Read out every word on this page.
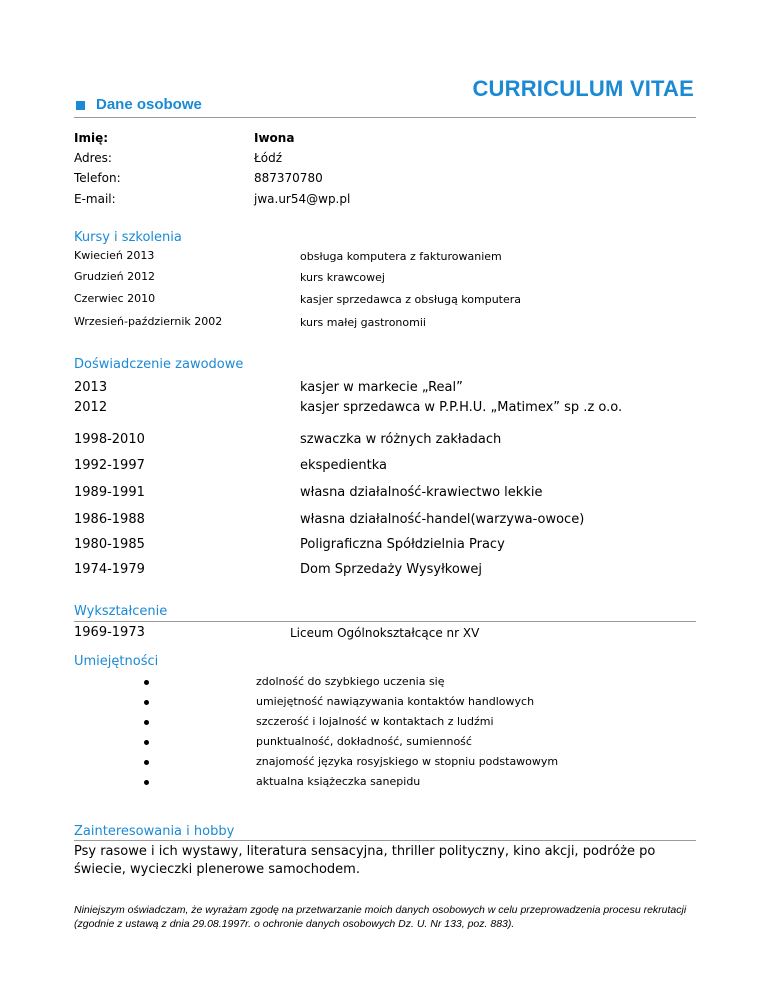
CURRICULUM VITAE
Dane osobowe
Imię:	Iwona
Adres:	Łódź
Telefon:	887370780
E-mail:	jwa.ur54@wp.pl
Kursy i szkolenia
Kwiecień 2013	obsługa komputera z fakturowaniem
Grudzień 2012	kurs krawcowej
Czerwiec 2010	kasjer sprzedawca z obsługą komputera
Wrzesień-październik 2002	kurs małej gastronomii
Doświadczenie zawodowe
2013	kasjer w markecie „Real”
2012	kasjer sprzedawca w P.P.H.U. „Matimex” sp .z o.o.
1998-2010	szwaczka w różnych zakładach
1992-1997	ekspedientka
1989-1991	własna działalność-krawiectwo lekkie
1986-1988	własna działalność-handel(warzywa-owoce)
1980-1985	Poligraficzna Spółdzielnia Pracy
1974-1979	Dom Sprzedaży Wysyłkowej
Wykształcenie
1969-1973	Liceum Ogólnokształcące nr XV
Umiejętności
zdolność do szybkiego uczenia się
umiejętność nawiązywania kontaktów handlowych
szczerość i lojalność w kontaktach z ludźmi
punktualność, dokładność, sumienność
znajomość języka rosyjskiego w stopniu podstawowym
aktualna książeczka sanepidu
Zainteresowania i hobby
Psy rasowe i ich wystawy, literatura sensacyjna, thriller polityczny, kino akcji, podróże po świecie, wycieczki plenerowe samochodem.
Niniejszym oświadczam, że wyrażam zgodę na przetwarzanie moich danych osobowych w celu przeprowadzenia procesu rekrutacji (zgodnie z ustawą z dnia 29.08.1997r. o ochronie danych osobowych Dz. U. Nr 133, poz. 883).
